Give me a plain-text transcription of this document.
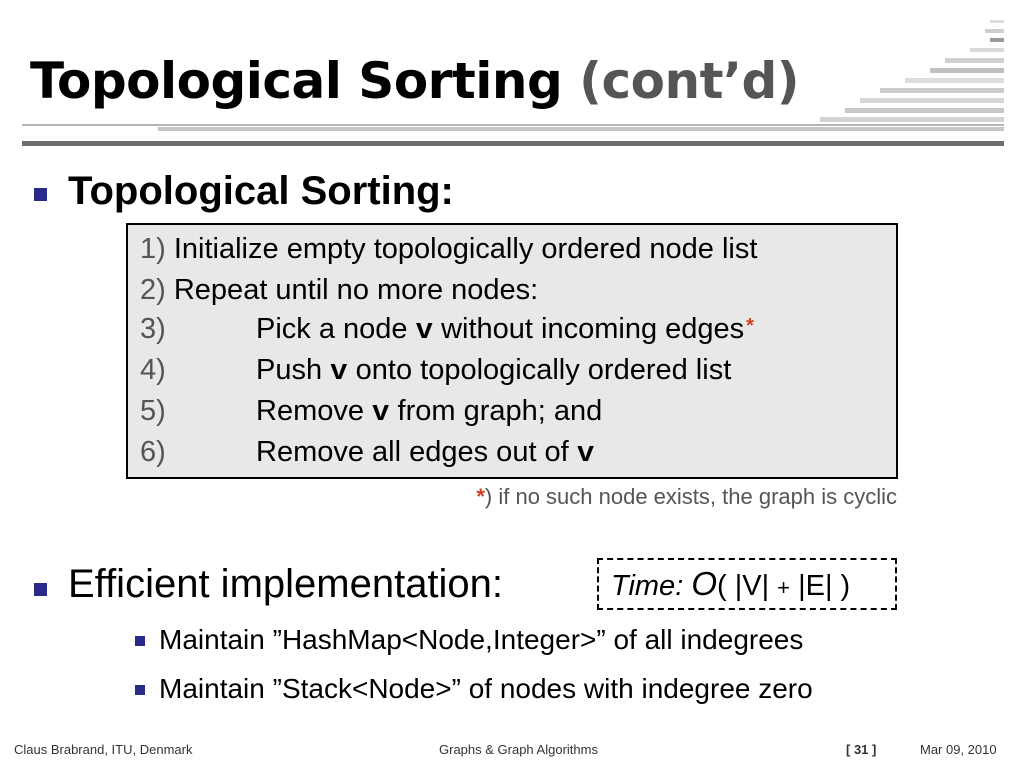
Topological Sorting (cont’d)
Topological Sorting:
1) Initialize empty topologically ordered node list
2) Repeat until no more nodes:
3)	Pick a node v without incoming edges *
4)	Push v onto topologically ordered list
5)	Remove v from graph; and
6)	Remove all edges out of v
*) if no such node exists, the graph is cyclic
Efficient implementation:	Time: O( |V| + |E| )
Maintain ”HashMap<Node,Integer>” of all indegrees
Maintain ”Stack<Node>” of nodes with indegree zero
Claus Brabrand, ITU, Denmark	Graphs & Graph Algorithms	[ 31 ]	Mar 09, 2010
